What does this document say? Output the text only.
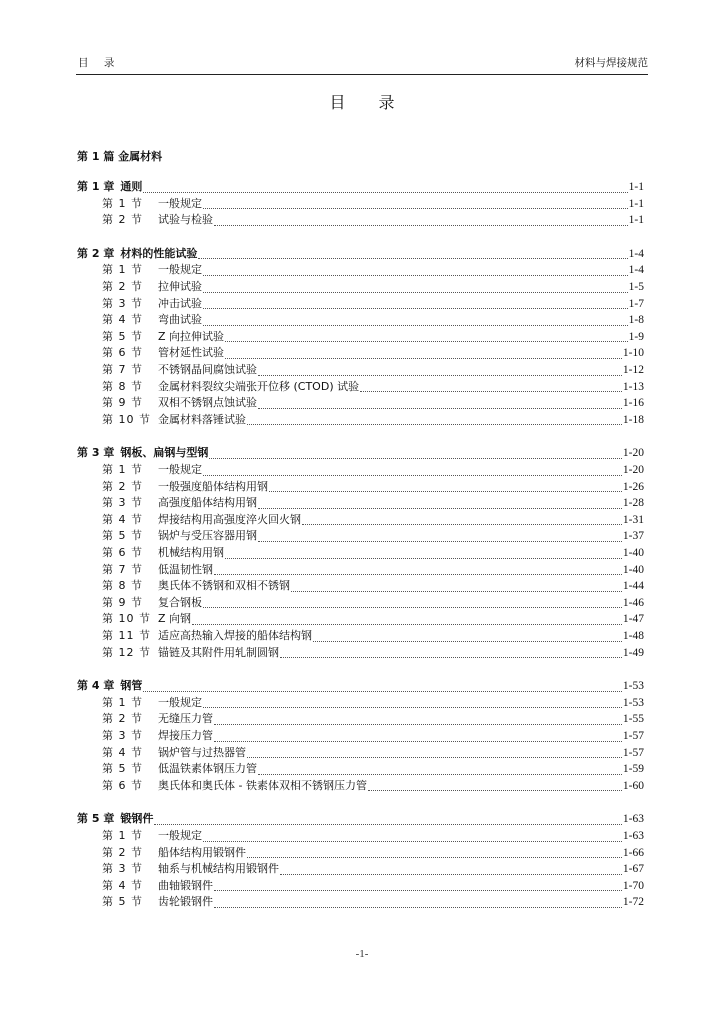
目 录	材料与焊接规范
目 录
第 1 篇 金属材料
第 1 章 通则	1-1
第 1 节	一般规定	1-1
第 2 节	试验与检验	1-1
第 2 章 材料的性能试验	1-4
第 1 节	一般规定	1-4
第 2 节	拉伸试验	1-5
第 3 节	冲击试验	1-7
第 4 节	弯曲试验	1-8
第 5 节	Z 向拉伸试验	1-9
第 6 节	管材延性试验	1-10
第 7 节	不锈钢晶间腐蚀试验	1-12
第 8 节	金属材料裂纹尖端张开位移 (CTOD) 试验	1-13
第 9 节	双相不锈钢点蚀试验	1-16
第 10 节 金属材料落锤试验	1-18
第 3 章 钢板、扁钢与型钢	1-20
第 1 节	一般规定	1-20
第 2 节	一般强度船体结构用钢	1-26
第 3 节	高强度船体结构用钢	1-28
第 4 节	焊接结构用高强度淬火回火钢	1-31
第 5 节	锅炉与受压容器用钢	1-37
第 6 节	机械结构用钢	1-40
第 7 节	低温韧性钢	1-40
第 8 节	奥氏体不锈钢和双相不锈钢	1-44
第 9 节	复合钢板	1-46
第 10 节 Z 向钢	1-47
第 11 节 适应高热输入焊接的船体结构钢	1-48
第 12 节 锚链及其附件用轧制圆钢	1-49
第 4 章 钢管	1-53
第 1 节	一般规定	1-53
第 2 节	无缝压力管	1-55
第 3 节	焊接压力管	1-57
第 4 节	锅炉管与过热器管	1-57
第 5 节	低温铁素体钢压力管	1-59
第 6 节	奥氏体和奥氏体 - 铁素体双相不锈钢压力管	1-60
第 5 章 锻钢件	1-63
第 1 节	一般规定	1-63
第 2 节	船体结构用锻钢件	1-66
第 3 节	轴系与机械结构用锻钢件	1-67
第 4 节	曲轴锻钢件	1-70
第 5 节	齿轮锻钢件	1-72
-1-
